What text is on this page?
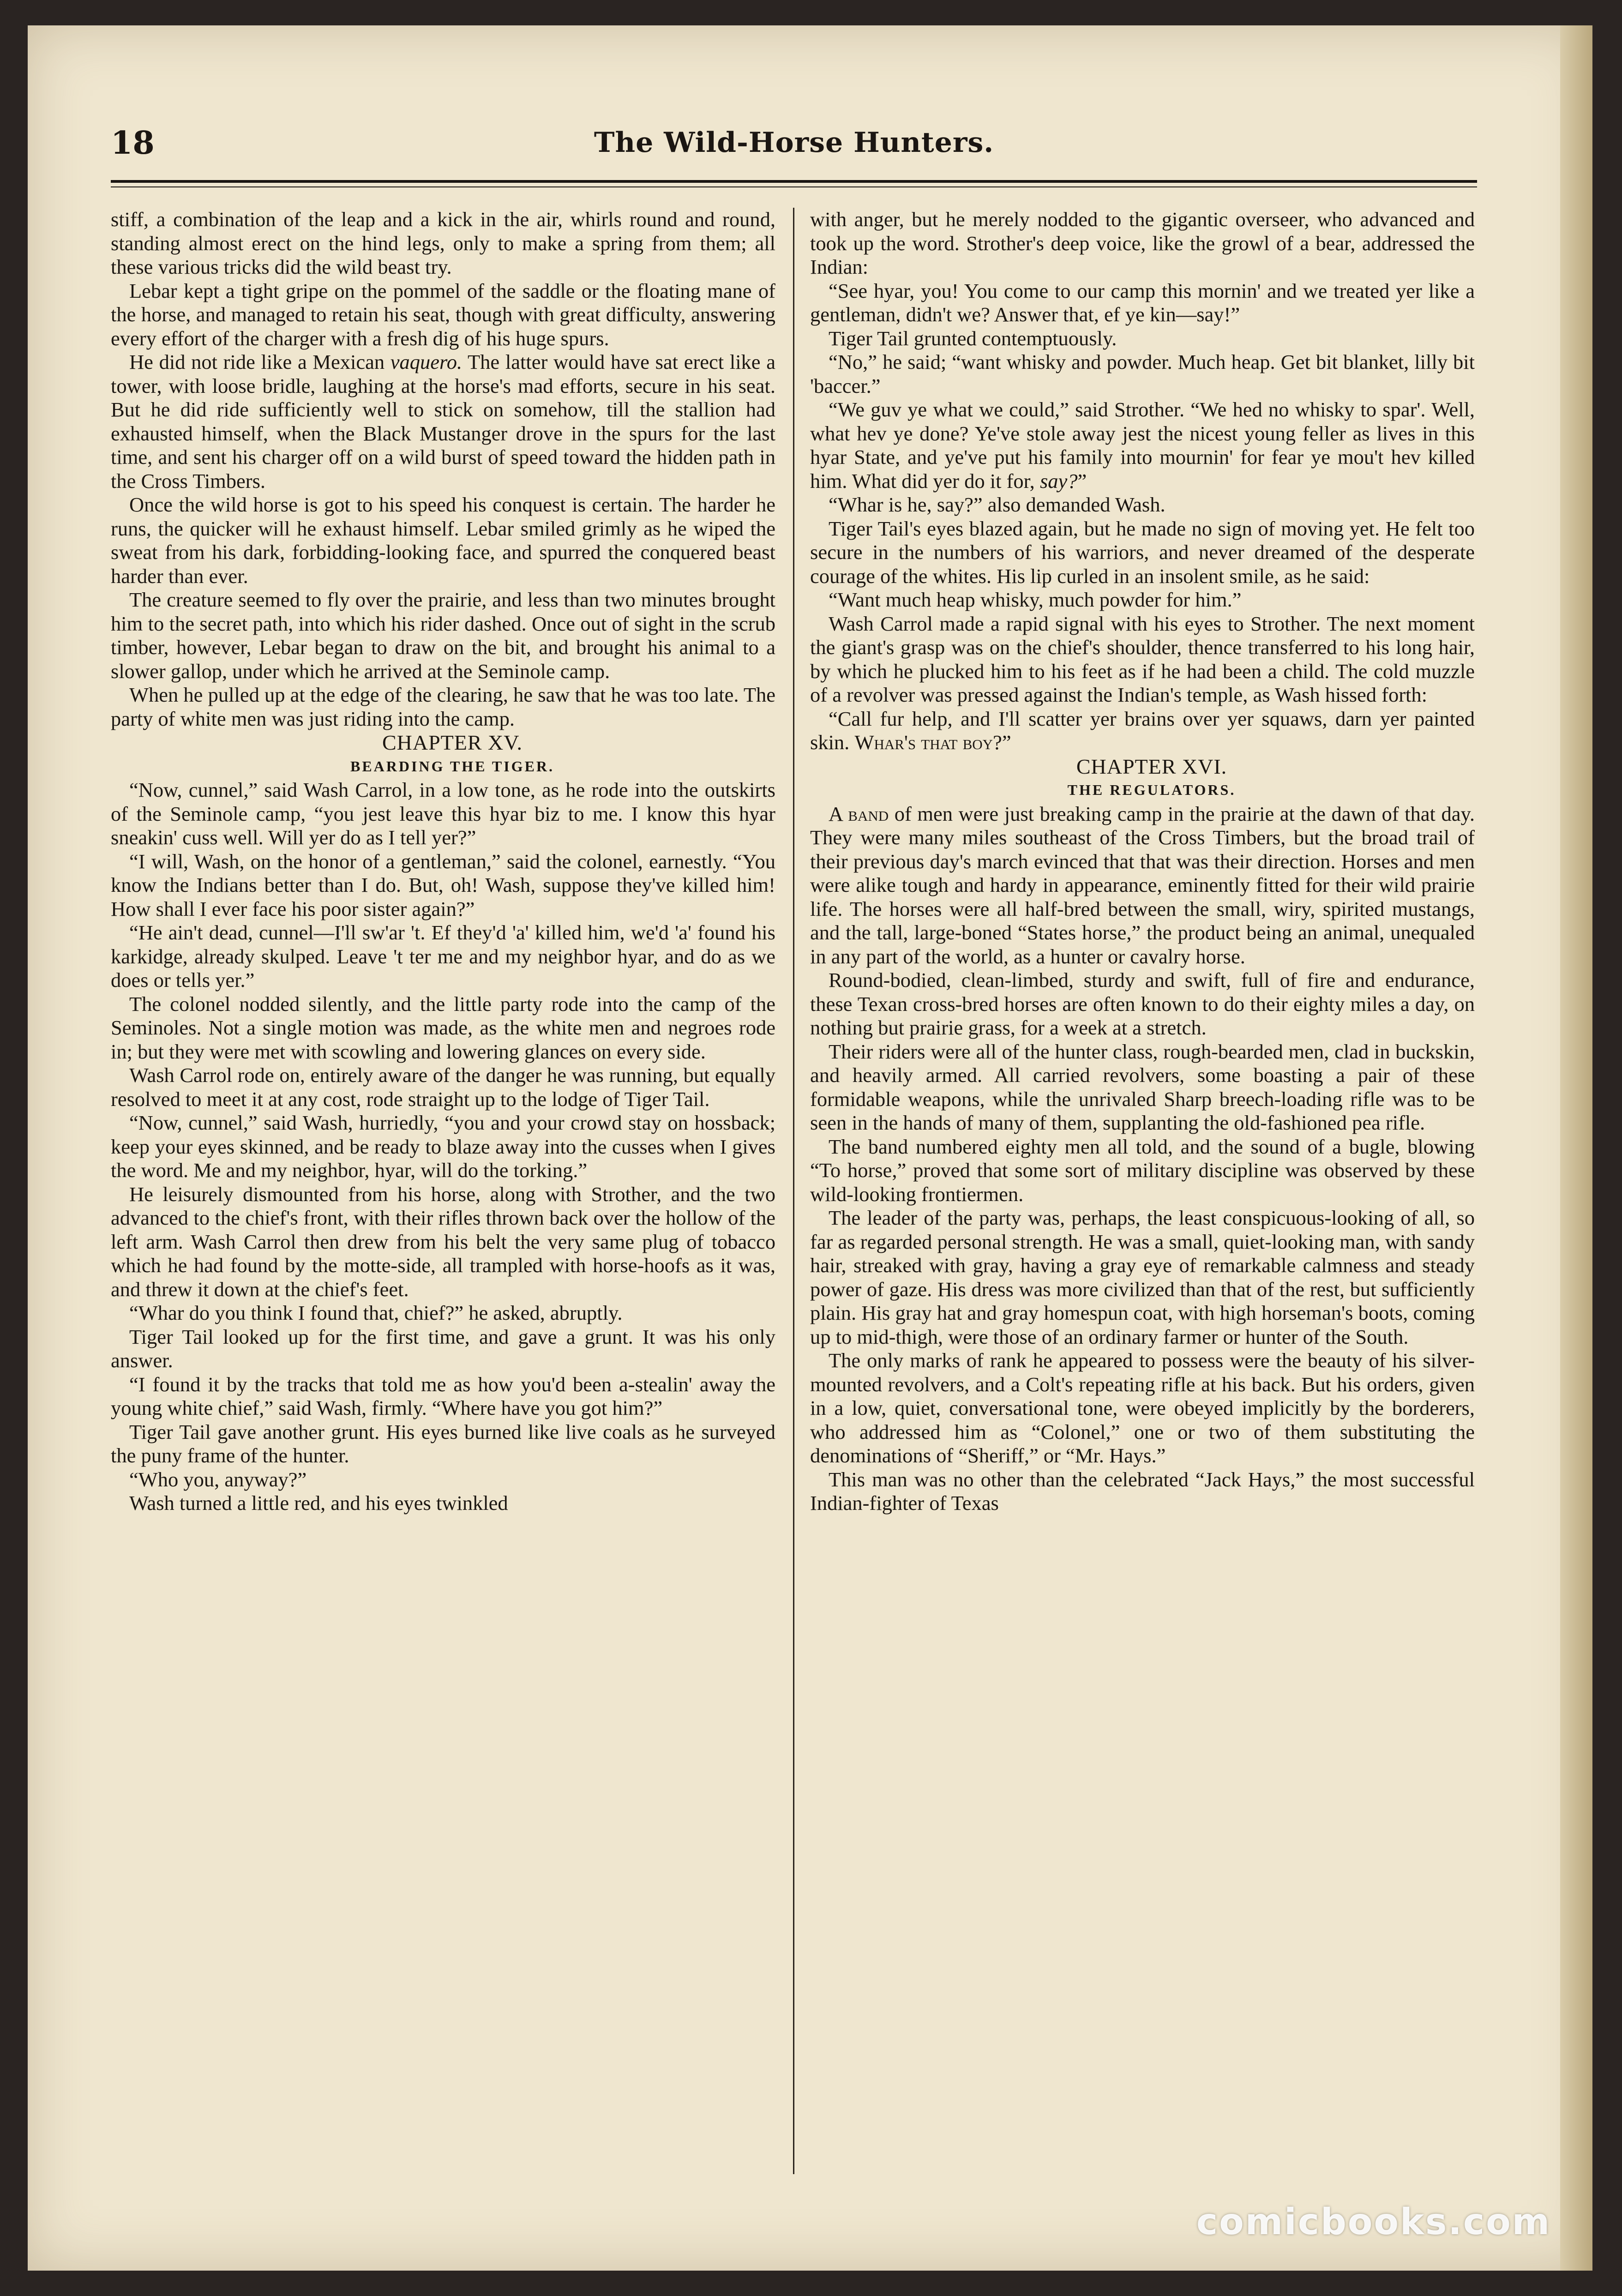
18	The Wild-Horse Hunters.

stiff, a combination of the leap and a kick in the air, whirls round and round, standing almost erect on the hind legs, only to make a spring from them; all these various tricks did the wild beast try.

Lebar kept a tight gripe on the pommel of the saddle or the floating mane of the horse, and managed to retain his seat, though with great difficulty, answering every effort of the charger with a fresh dig of his huge spurs.

He did not ride like a Mexican vaquero. The latter would have sat erect like a tower, with loose bridle, laughing at the horse's mad efforts, secure in his seat. But he did ride sufficiently well to stick on somehow, till the stallion had exhausted himself, when the Black Mustanger drove in the spurs for the last time, and sent his charger off on a wild burst of speed toward the hidden path in the Cross Timbers.

Once the wild horse is got to his speed his conquest is certain. The harder he runs, the quicker will he exhaust himself. Lebar smiled grimly as he wiped the sweat from his dark, forbidding-looking face, and spurred the conquered beast harder than ever.

The creature seemed to fly over the prairie, and less than two minutes brought him to the secret path, into which his rider dashed. Once out of sight in the scrub timber, however, Lebar began to draw on the bit, and brought his animal to a slower gallop, under which he arrived at the Seminole camp.

When he pulled up at the edge of the clearing, he saw that he was too late. The party of white men was just riding into the camp.

CHAPTER XV.

BEARDING THE TIGER.

“Now, cunnel,” said Wash Carrol, in a low tone, as he rode into the outskirts of the Seminole camp, “you jest leave this hyar biz to me. I know this hyar sneakin' cuss well. Will yer do as I tell yer?”

“I will, Wash, on the honor of a gentleman,” said the colonel, earnestly. “You know the Indians better than I do. But, oh! Wash, suppose they've killed him! How shall I ever face his poor sister again?”

“He ain't dead, cunnel—I'll sw'ar 't. Ef they'd 'a' killed him, we'd 'a' found his karkidge, already skulped. Leave 't ter me and my neighbor hyar, and do as we does or tells yer.”

The colonel nodded silently, and the little party rode into the camp of the Seminoles. Not a single motion was made, as the white men and negroes rode in; but they were met with scowling and lowering glances on every side.

Wash Carrol rode on, entirely aware of the danger he was running, but equally resolved to meet it at any cost, rode straight up to the lodge of Tiger Tail.

“Now, cunnel,” said Wash, hurriedly, “you and your crowd stay on hossback; keep your eyes skinned, and be ready to blaze away into the cusses when I gives the word. Me and my neighbor, hyar, will do the torking.”

He leisurely dismounted from his horse, along with Strother, and the two advanced to the chief's front, with their rifles thrown back over the hollow of the left arm. Wash Carrol then drew from his belt the very same plug of tobacco which he had found by the motte-side, all trampled with horse-hoofs as it was, and threw it down at the chief's feet.

“Whar do you think I found that, chief?” he asked, abruptly.

Tiger Tail looked up for the first time, and gave a grunt. It was his only answer.

“I found it by the tracks that told me as how you'd been a-stealin' away the young white chief,” said Wash, firmly. “Where have you got him?”

Tiger Tail gave another grunt. His eyes burned like live coals as he surveyed the puny frame of the hunter.

“Who you, anyway?”

Wash turned a little red, and his eyes twinkled

with anger, but he merely nodded to the gigantic overseer, who advanced and took up the word. Strother's deep voice, like the growl of a bear, addressed the Indian:

“See hyar, you! You come to our camp this mornin' and we treated yer like a gentleman, didn't we? Answer that, ef ye kin—say!”

Tiger Tail grunted contemptuously.

“No,” he said; “want whisky and powder. Much heap. Get bit blanket, lilly bit 'baccer.”

“We guv ye what we could,” said Strother. “We hed no whisky to spar'. Well, what hev ye done? Ye've stole away jest the nicest young feller as lives in this hyar State, and ye've put his family into mournin' for fear ye mou't hev killed him. What did yer do it for, say?”

“Whar is he, say?” also demanded Wash.

Tiger Tail's eyes blazed again, but he made no sign of moving yet. He felt too secure in the numbers of his warriors, and never dreamed of the desperate courage of the whites. His lip curled in an insolent smile, as he said:

“Want much heap whisky, much powder for him.”

Wash Carrol made a rapid signal with his eyes to Strother. The next moment the giant's grasp was on the chief's shoulder, thence transferred to his long hair, by which he plucked him to his feet as if he had been a child. The cold muzzle of a revolver was pressed against the Indian's temple, as Wash hissed forth:

“Call fur help, and I'll scatter yer brains over yer squaws, darn yer painted skin. Whar's that boy?”

CHAPTER XVI.

THE REGULATORS.

A band of men were just breaking camp in the prairie at the dawn of that day. They were many miles southeast of the Cross Timbers, but the broad trail of their previous day's march evinced that that was their direction. Horses and men were alike tough and hardy in appearance, eminently fitted for their wild prairie life. The horses were all half-bred between the small, wiry, spirited mustangs, and the tall, large-boned “States horse,” the product being an animal, unequaled in any part of the world, as a hunter or cavalry horse.

Round-bodied, clean-limbed, sturdy and swift, full of fire and endurance, these Texan cross-bred horses are often known to do their eighty miles a day, on nothing but prairie grass, for a week at a stretch.

Their riders were all of the hunter class, rough-bearded men, clad in buckskin, and heavily armed. All carried revolvers, some boasting a pair of these formidable weapons, while the unrivaled Sharp breech-loading rifle was to be seen in the hands of many of them, supplanting the old-fashioned pea rifle.

The band numbered eighty men all told, and the sound of a bugle, blowing “To horse,” proved that some sort of military discipline was observed by these wild-looking frontiermen.

The leader of the party was, perhaps, the least conspicuous-looking of all, so far as regarded personal strength. He was a small, quiet-looking man, with sandy hair, streaked with gray, having a gray eye of remarkable calmness and steady power of gaze. His dress was more civilized than that of the rest, but sufficiently plain. His gray hat and gray homespun coat, with high horseman's boots, coming up to mid-thigh, were those of an ordinary farmer or hunter of the South.

The only marks of rank he appeared to possess were the beauty of his silver-mounted revolvers, and a Colt's repeating rifle at his back. But his orders, given in a low, quiet, conversational tone, were obeyed implicitly by the borderers, who addressed him as “Colonel,” one or two of them substituting the denominations of “Sheriff,” or “Mr. Hays.”

This man was no other than the celebrated “Jack Hays,” the most successful Indian-fighter of Texas

comicbooks.com
